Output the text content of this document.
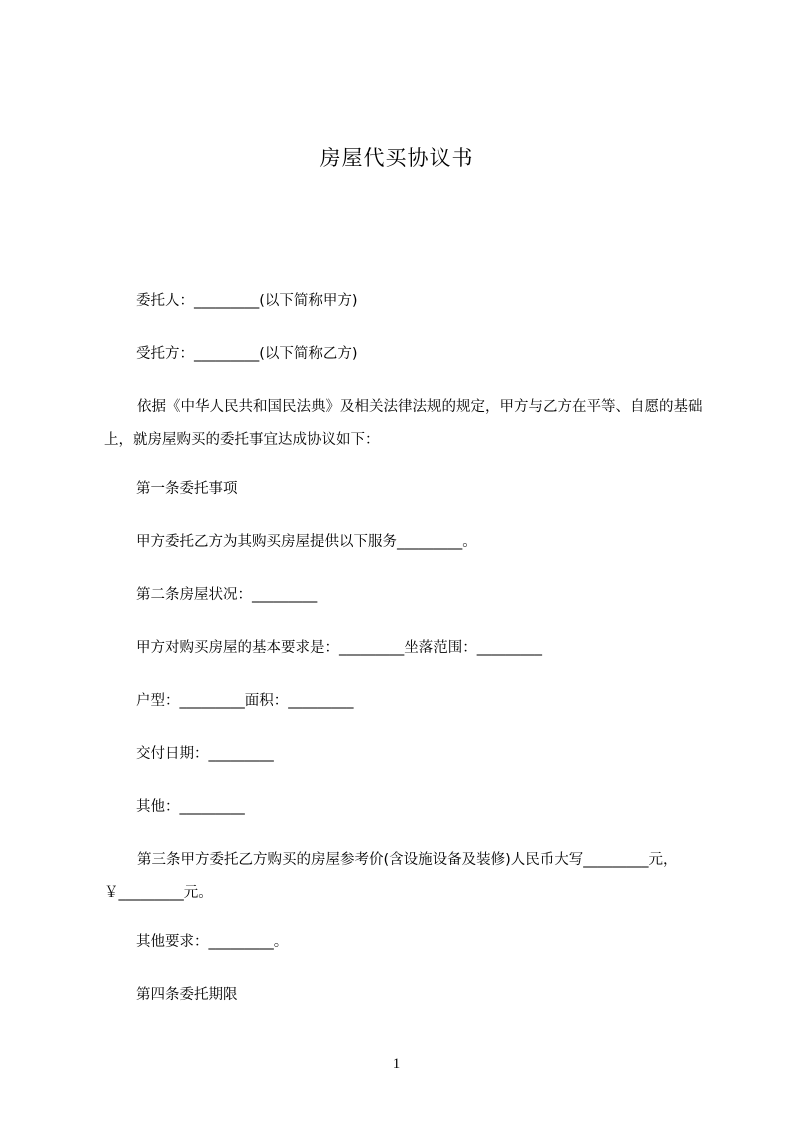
房屋代买协议书
委托人：_________(以下简称甲方)
受托方：_________(以下简称乙方)
依据《中华人民共和国民法典》及相关法律法规的规定，甲方与乙方在平等、自愿的基础上，就房屋购买的委托事宜达成协议如下：
第一条委托事项
甲方委托乙方为其购买房屋提供以下服务_________。
第二条房屋状况：_________
甲方对购买房屋的基本要求是：_________坐落范围：_________
户型：_________面积：_________
交付日期：_________
其他：_________
第三条甲方委托乙方购买的房屋参考价(含设施设备及装修)人民币大写_________元，￥_________元。
其他要求：_________。
第四条委托期限
1
